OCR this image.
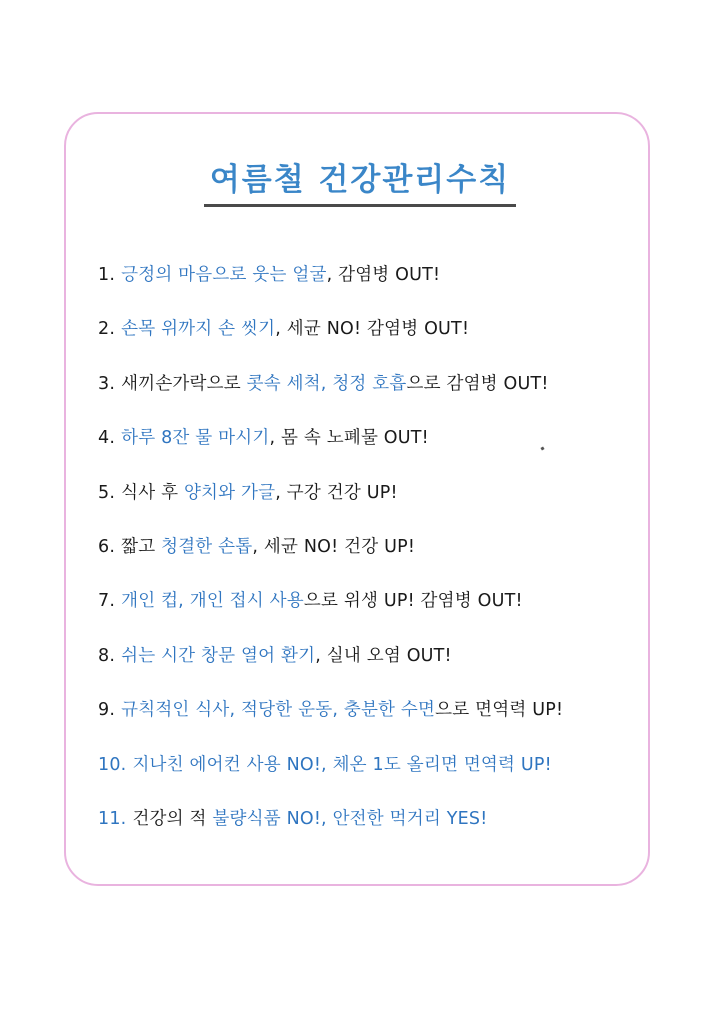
여름철 건강관리수칙
1. 긍정의 마음으로 웃는 얼굴, 감염병 OUT!
2. 손목 위까지 손 씻기, 세균 NO! 감염병 OUT!
3. 새끼손가락으로 콧속 세척, 청정 호흡으로 감염병 OUT!
4. 하루 8잔 물 마시기, 몸 속 노폐물 OUT!
5. 식사 후 양치와 가글, 구강 건강 UP!
6. 짧고 청결한 손톱, 세균 NO! 건강 UP!
7. 개인 컵, 개인 접시 사용으로 위생 UP! 감염병 OUT!
8. 쉬는 시간 창문 열어 환기, 실내 오염 OUT!
9. 규칙적인 식사, 적당한 운동, 충분한 수면으로 면역력 UP!
10. 지나친 에어컨 사용 NO!, 체온 1도 올리면 면역력 UP!
11. 건강의 적 불량식품 NO!, 안전한 먹거리 YES!
